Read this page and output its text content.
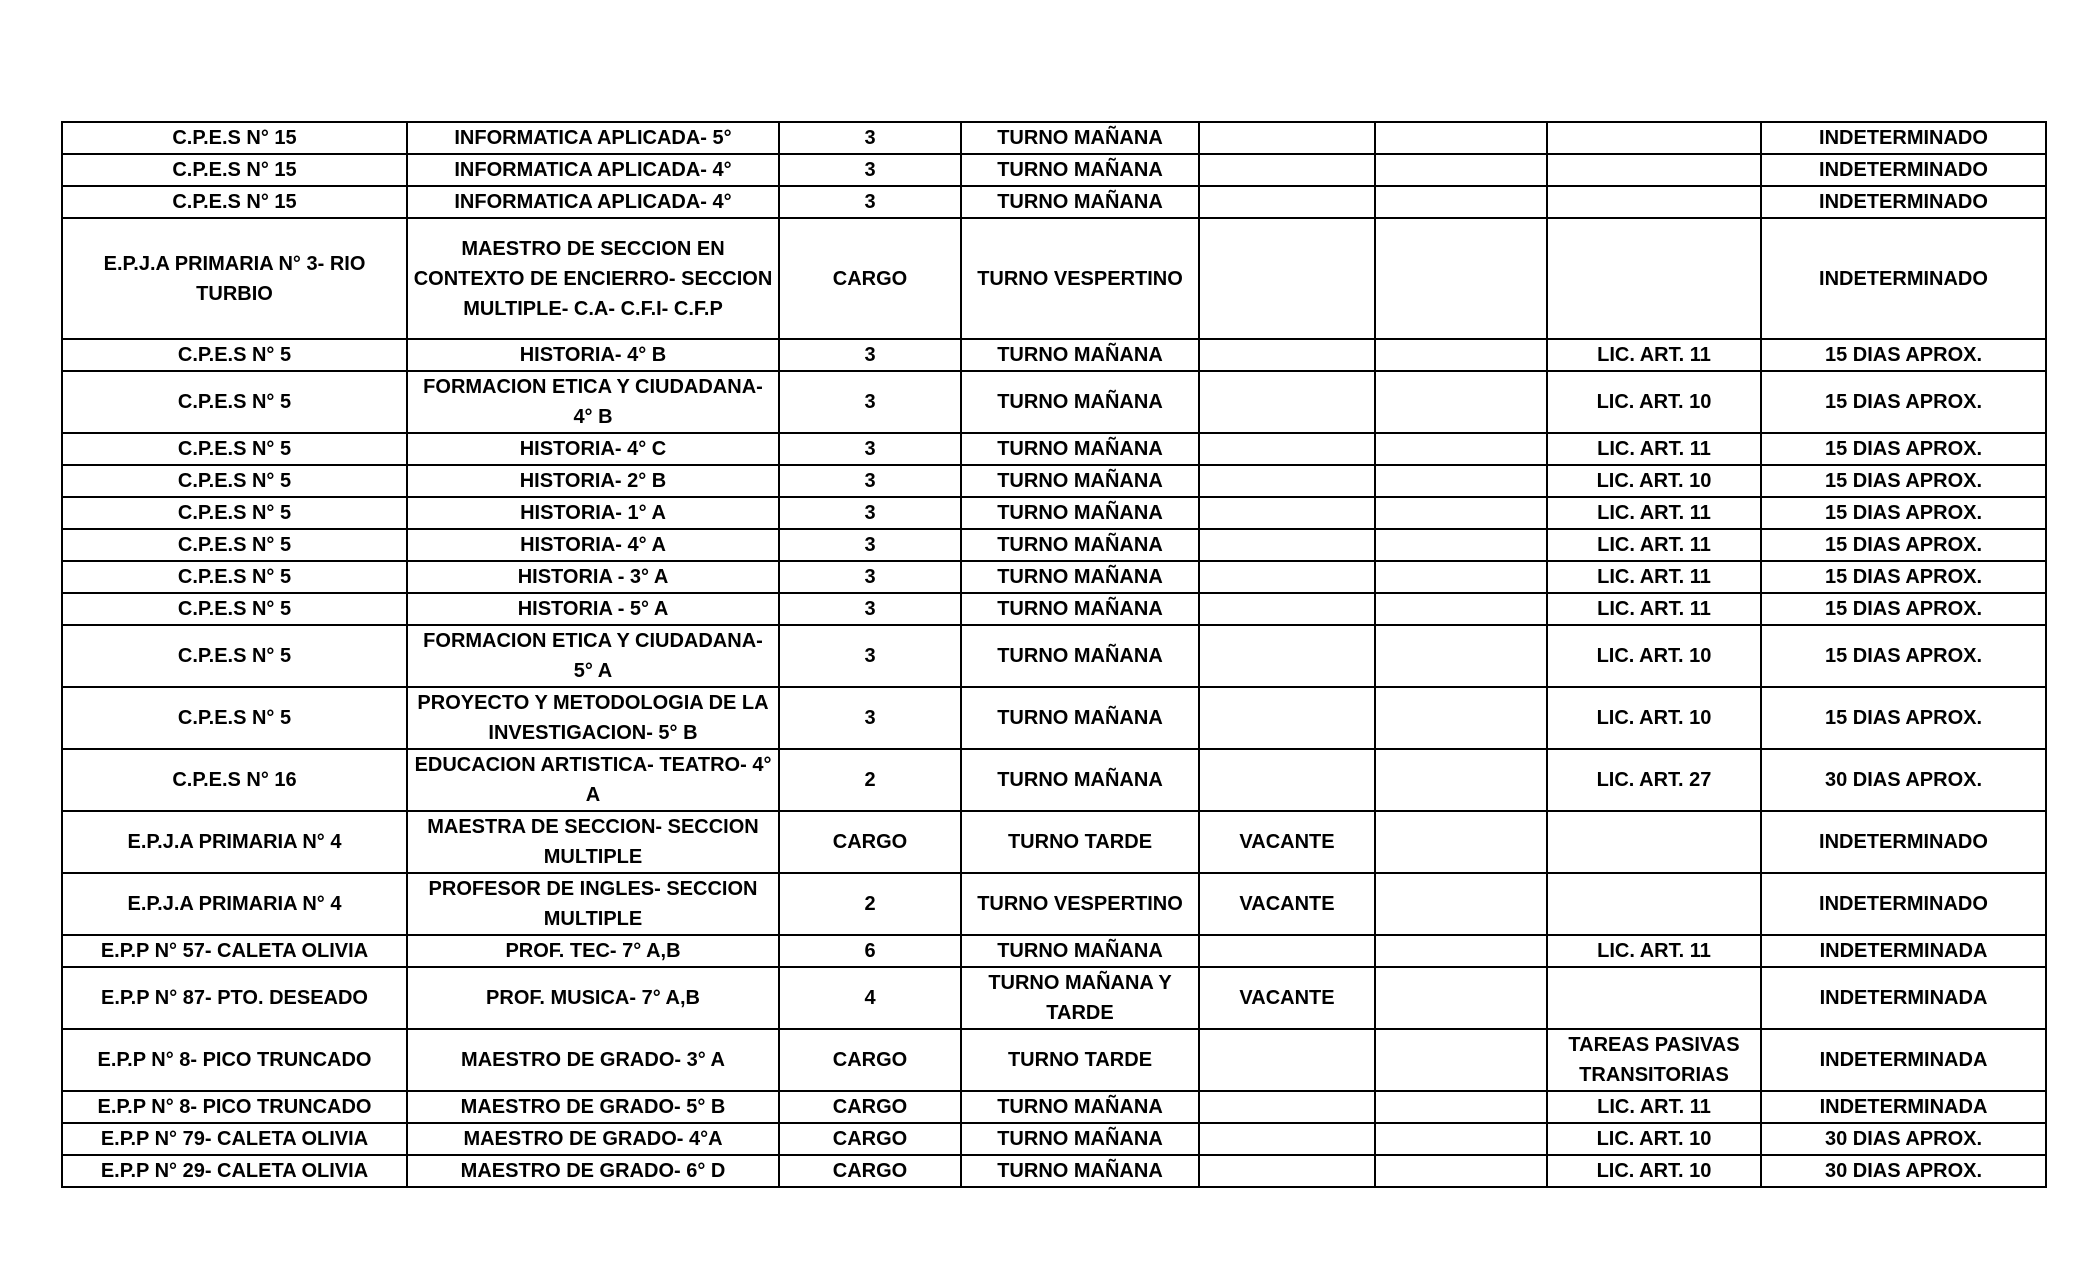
C.P.E.S N° 15	INFORMATICA APLICADA- 5°	3	TURNO MAÑANA				INDETERMINADO
C.P.E.S N° 15	INFORMATICA APLICADA- 4°	3	TURNO MAÑANA				INDETERMINADO
C.P.E.S N° 15	INFORMATICA APLICADA- 4°	3	TURNO MAÑANA				INDETERMINADO
E.P.J.A PRIMARIA N° 3- RIO TURBIO	MAESTRO DE SECCION EN CONTEXTO DE ENCIERRO- SECCION MULTIPLE- C.A- C.F.I- C.F.P	CARGO	TURNO VESPERTINO				INDETERMINADO
C.P.E.S N° 5	HISTORIA- 4° B	3	TURNO MAÑANA			LIC. ART. 11	15 DIAS APROX.
C.P.E.S N° 5	FORMACION ETICA Y CIUDADANA- 4° B	3	TURNO MAÑANA			LIC. ART. 10	15 DIAS APROX.
C.P.E.S N° 5	HISTORIA- 4° C	3	TURNO MAÑANA			LIC. ART. 11	15 DIAS APROX.
C.P.E.S N° 5	HISTORIA- 2° B	3	TURNO MAÑANA			LIC. ART. 10	15 DIAS APROX.
C.P.E.S N° 5	HISTORIA- 1° A	3	TURNO MAÑANA			LIC. ART. 11	15 DIAS APROX.
C.P.E.S N° 5	HISTORIA- 4° A	3	TURNO MAÑANA			LIC. ART. 11	15 DIAS APROX.
C.P.E.S N° 5	HISTORIA - 3° A	3	TURNO MAÑANA			LIC. ART. 11	15 DIAS APROX.
C.P.E.S N° 5	HISTORIA - 5° A	3	TURNO MAÑANA			LIC. ART. 11	15 DIAS APROX.
C.P.E.S N° 5	FORMACION ETICA Y CIUDADANA- 5° A	3	TURNO MAÑANA			LIC. ART. 10	15 DIAS APROX.
C.P.E.S N° 5	PROYECTO Y METODOLOGIA DE LA INVESTIGACION- 5° B	3	TURNO MAÑANA			LIC. ART. 10	15 DIAS APROX.
C.P.E.S N° 16	EDUCACION ARTISTICA- TEATRO- 4° A	2	TURNO MAÑANA			LIC. ART. 27	30 DIAS APROX.
E.P.J.A PRIMARIA N° 4	MAESTRA DE SECCION- SECCION MULTIPLE	CARGO	TURNO TARDE	VACANTE			INDETERMINADO
E.P.J.A PRIMARIA N° 4	PROFESOR DE INGLES- SECCION MULTIPLE	2	TURNO VESPERTINO	VACANTE			INDETERMINADO
E.P.P N° 57- CALETA OLIVIA	PROF. TEC- 7° A,B	6	TURNO MAÑANA			LIC. ART. 11	INDETERMINADA
E.P.P N° 87- PTO. DESEADO	PROF. MUSICA- 7° A,B	4	TURNO MAÑANA Y TARDE	VACANTE			INDETERMINADA
E.P.P N° 8- PICO TRUNCADO	MAESTRO DE GRADO- 3° A	CARGO	TURNO TARDE			TAREAS PASIVAS TRANSITORIAS	INDETERMINADA
E.P.P N° 8- PICO TRUNCADO	MAESTRO DE GRADO- 5° B	CARGO	TURNO MAÑANA			LIC. ART. 11	INDETERMINADA
E.P.P N° 79- CALETA OLIVIA	MAESTRO DE GRADO- 4°A	CARGO	TURNO MAÑANA			LIC. ART. 10	30 DIAS APROX.
E.P.P N° 29- CALETA OLIVIA	MAESTRO DE GRADO- 6° D	CARGO	TURNO MAÑANA			LIC. ART. 10	30 DIAS APROX.
